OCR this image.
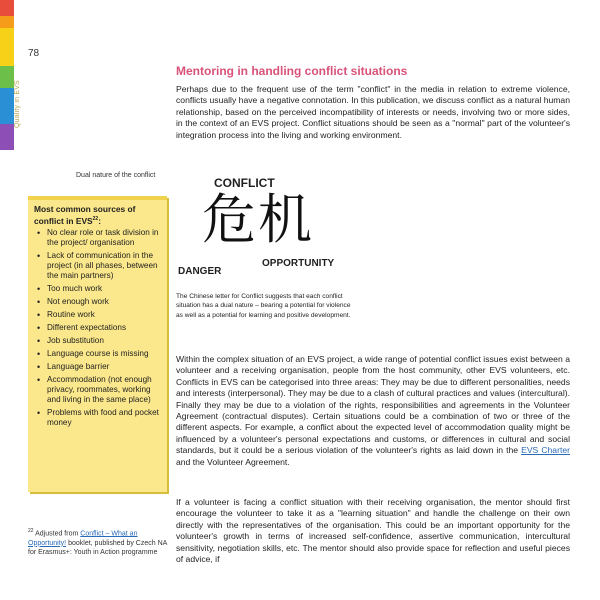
78
Quality in EVS
Mentoring in handling conflict situations
Perhaps due to the frequent use of the term "conflict" in the media in relation to extreme violence, conflicts usually have a negative connotation. In this publication, we discuss conflict as a natural human relationship, based on the perceived incompatibility of interests or needs, involving two or more sides, in the context of an EVS project. Conflict situations should be seen as a "normal" part of the volunteer's integration process into the living and working environment.
Dual nature of the conflict
CONFLICT
危机
OPPORTUNITY
DANGER
The Chinese letter for Conflict suggests that each conflict situation has a dual nature – bearing a potential for violence as well as a potential for learning and positive development.
Most common sources of conflict in EVS$^{22}$:
• No clear role or task division in the project/ organisation
• Lack of communication in the project (in all phases, between the main partners)
• Too much work
• Not enough work
• Routine work
• Different expectations
• Job substitution
• Language course is missing
• Language barrier
• Accommodation (not enough privacy, roommates, working and living in the same place)
• Problems with food and pocket money
Within the complex situation of an EVS project, a wide range of potential conflict issues exist between a volunteer and a receiving organisation, people from the host community, other EVS volunteers, etc. Conflicts in EVS can be categorised into three areas: They may be due to different personalities, needs and interests (interpersonal). They may be due to a clash of cultural practices and values (intercultural). Finally they may be due to a violation of the rights, responsibilities and agreements in the Volunteer Agreement (contractual disputes). Certain situations could be a combination of two or three of the different aspects. For example, a conflict about the expected level of accommodation quality might be influenced by a volunteer's personal expectations and customs, or differences in cultural and social standards, but it could be a serious violation of the volunteer's rights as laid down in the EVS Charter and the Volunteer Agreement.
If a volunteer is facing a conflict situation with their receiving organisation, the mentor should first encourage the volunteer to take it as a "learning situation" and handle the challenge on their own directly with the representatives of the organisation. This could be an important opportunity for the volunteer's growth in terms of increased self-confidence, assertive communication, intercultural sensitivity, negotiation skills, etc. The mentor should also provide space for reflection and useful pieces of advice, if
$^{22}$ Adjusted from Conflict – What an Opportunity! booklet, published by Czech NA for Erasmus+: Youth in Action programme
